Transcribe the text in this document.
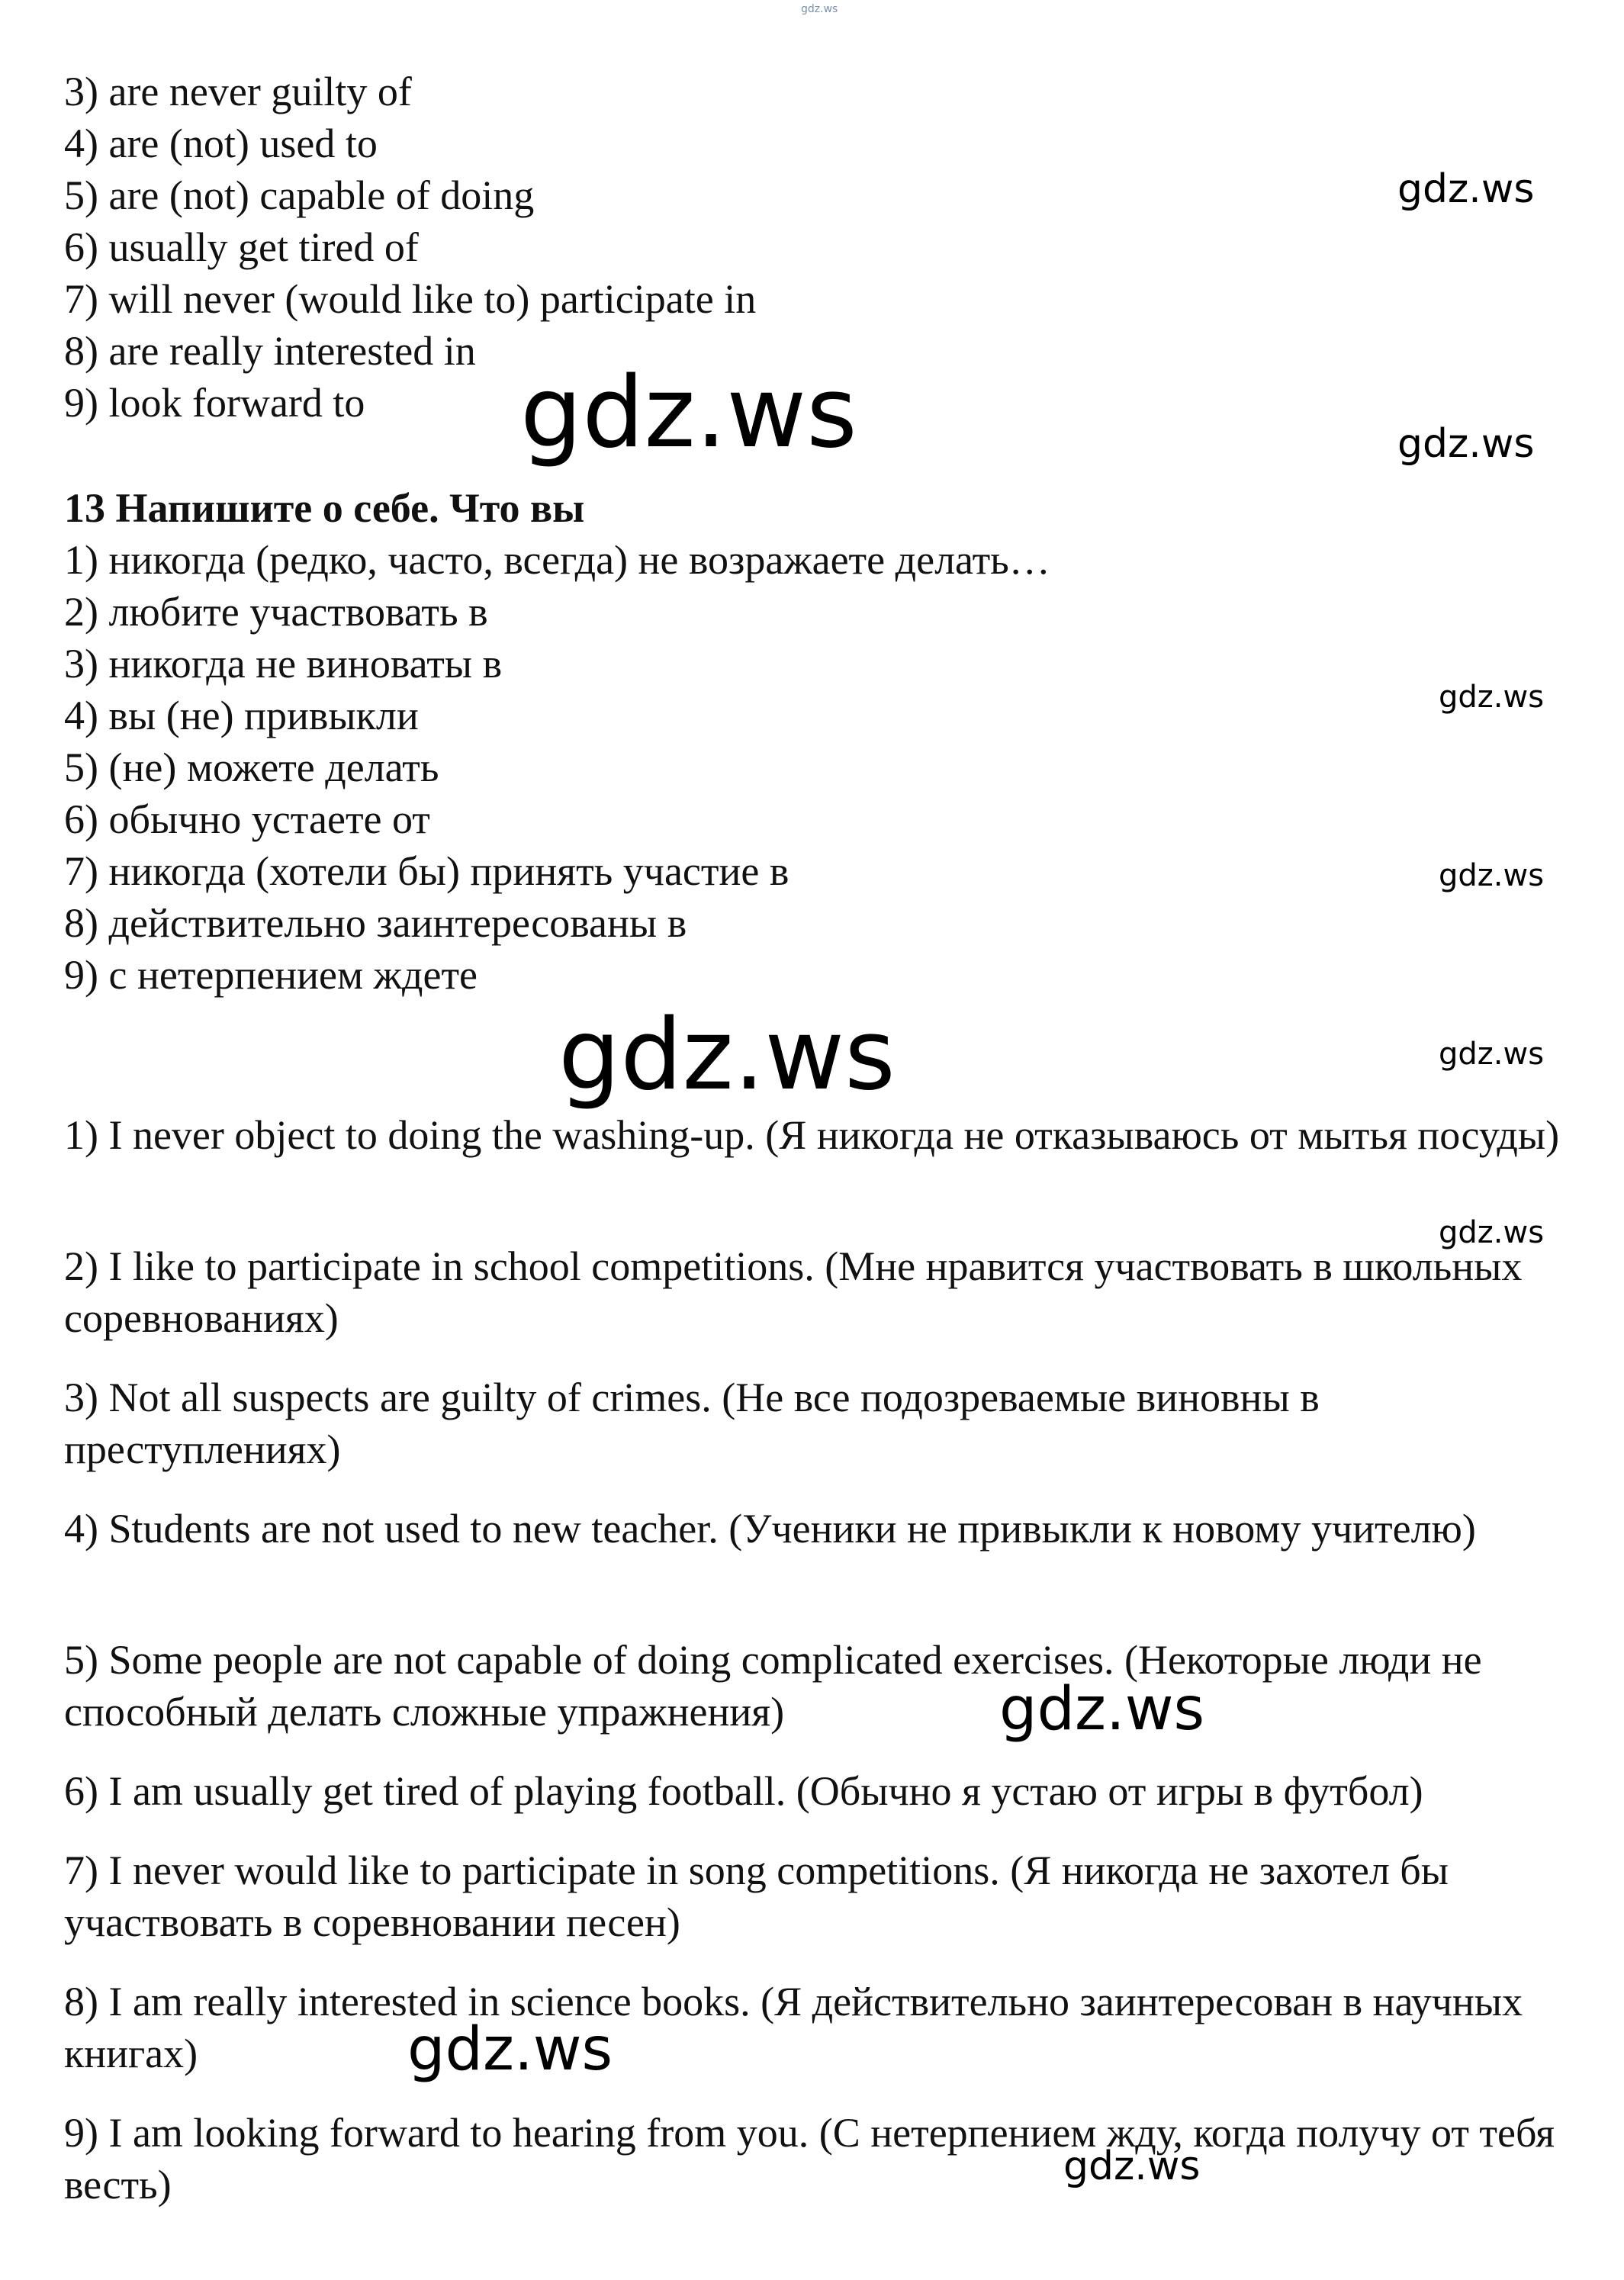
gdz.ws
3) are never guilty of
4) are (not) used to
5) are (not) capable of doing
6) usually get tired of
7) will never (would like to) participate in
8) are really interested in
9) look forward to
13 Напишите о себе. Что вы
1) никогда (редко, часто, всегда) не возражаете делать…
2) любите участвовать в
3) никогда не виноваты в
4) вы (не) привыкли
5) (не) можете делать
6) обычно устаете от
7) никогда (хотели бы) принять участие в
8) действительно заинтересованы в
9) с нетерпением ждете
1) I never object to doing the washing-up. (Я никогда не отказываюсь от мытья посуды)
2) I like to participate in school competitions. (Мне нравится участвовать в школьных соревнованиях)
3) Not all suspects are guilty of crimes. (Не все подозреваемые виновны в преступлениях)
4) Students are not used to new teacher. (Ученики не привыкли к новому учителю)
5) Some people are not capable of doing complicated exercises. (Некоторые люди не способный делать сложные упражнения)
6) I am usually get tired of playing football. (Обычно я устаю от игры в футбол)
7) I never would like to participate in song competitions. (Я никогда не захотел бы участвовать в соревновании песен)
8) I am really interested in science books. (Я действительно заинтересован в научных книгах)
9) I am looking forward to hearing from you. (С нетерпением жду, когда получу от тебя весть)
gdz.ws
gdz.ws	gdz.ws
gdz.ws
gdz.ws
gdz.ws	gdz.ws
gdz.ws
gdz.ws
gdz.ws
gdz.ws
